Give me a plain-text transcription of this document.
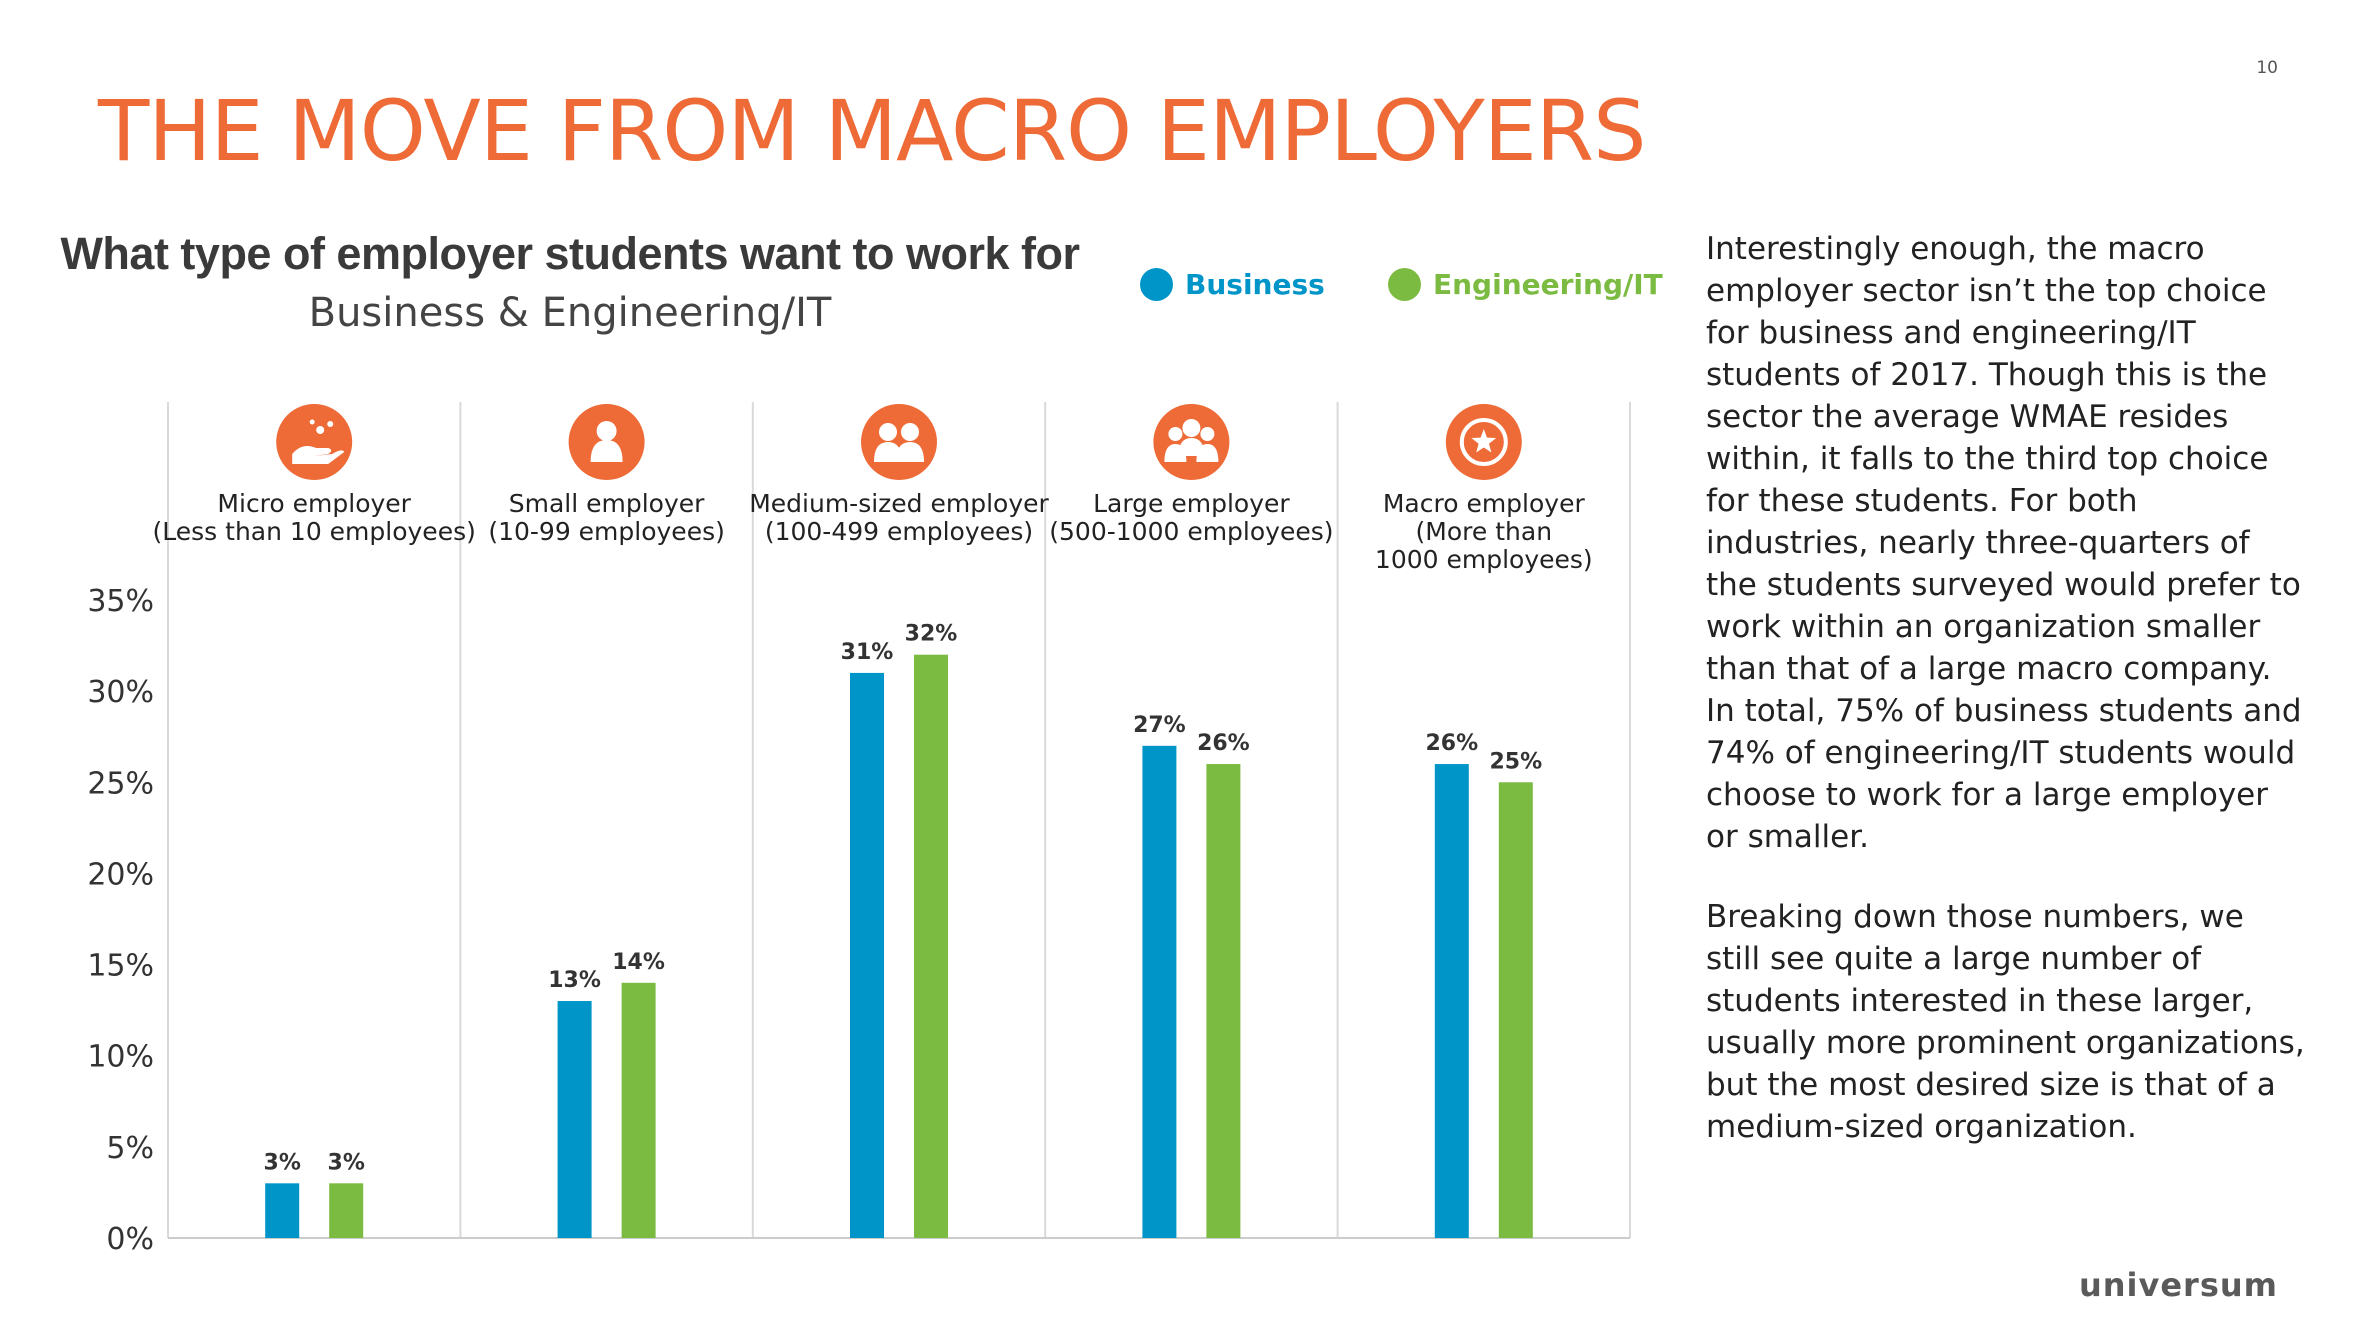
10
THE MOVE FROM MACRO EMPLOYERS
What type of employer students want to work for
Business & Engineering/IT
Business	Engineering/IT
0%
5%
10%
15%
20%
25%
30%
35%
Micro employer
(Less than 10 employees)
3% 3%
Small employer
(10-99 employees)
13%
14%
Medium-sized employer
(100-499 employees)
31%
32%
Large employer
(500-1000 employees)
27%
26%
Macro employer
(More than
1000 employees)
26%
25%

Interestingly enough, the macro employer sector isn’t the top choice for business and engineering/IT students of 2017. Though this is the sector the average WMAE resides within, it falls to the third top choice for these students. For both industries, nearly three-quarters of the students surveyed would prefer to work within an organization smaller than that of a large macro company. In total, 75% of business students and 74% of engineering/IT students would choose to work for a large employer or smaller.

Breaking down those numbers, we still see quite a large number of students interested in these larger, usually more prominent organizations, but the most desired size is that of a medium-sized organization.

universum
